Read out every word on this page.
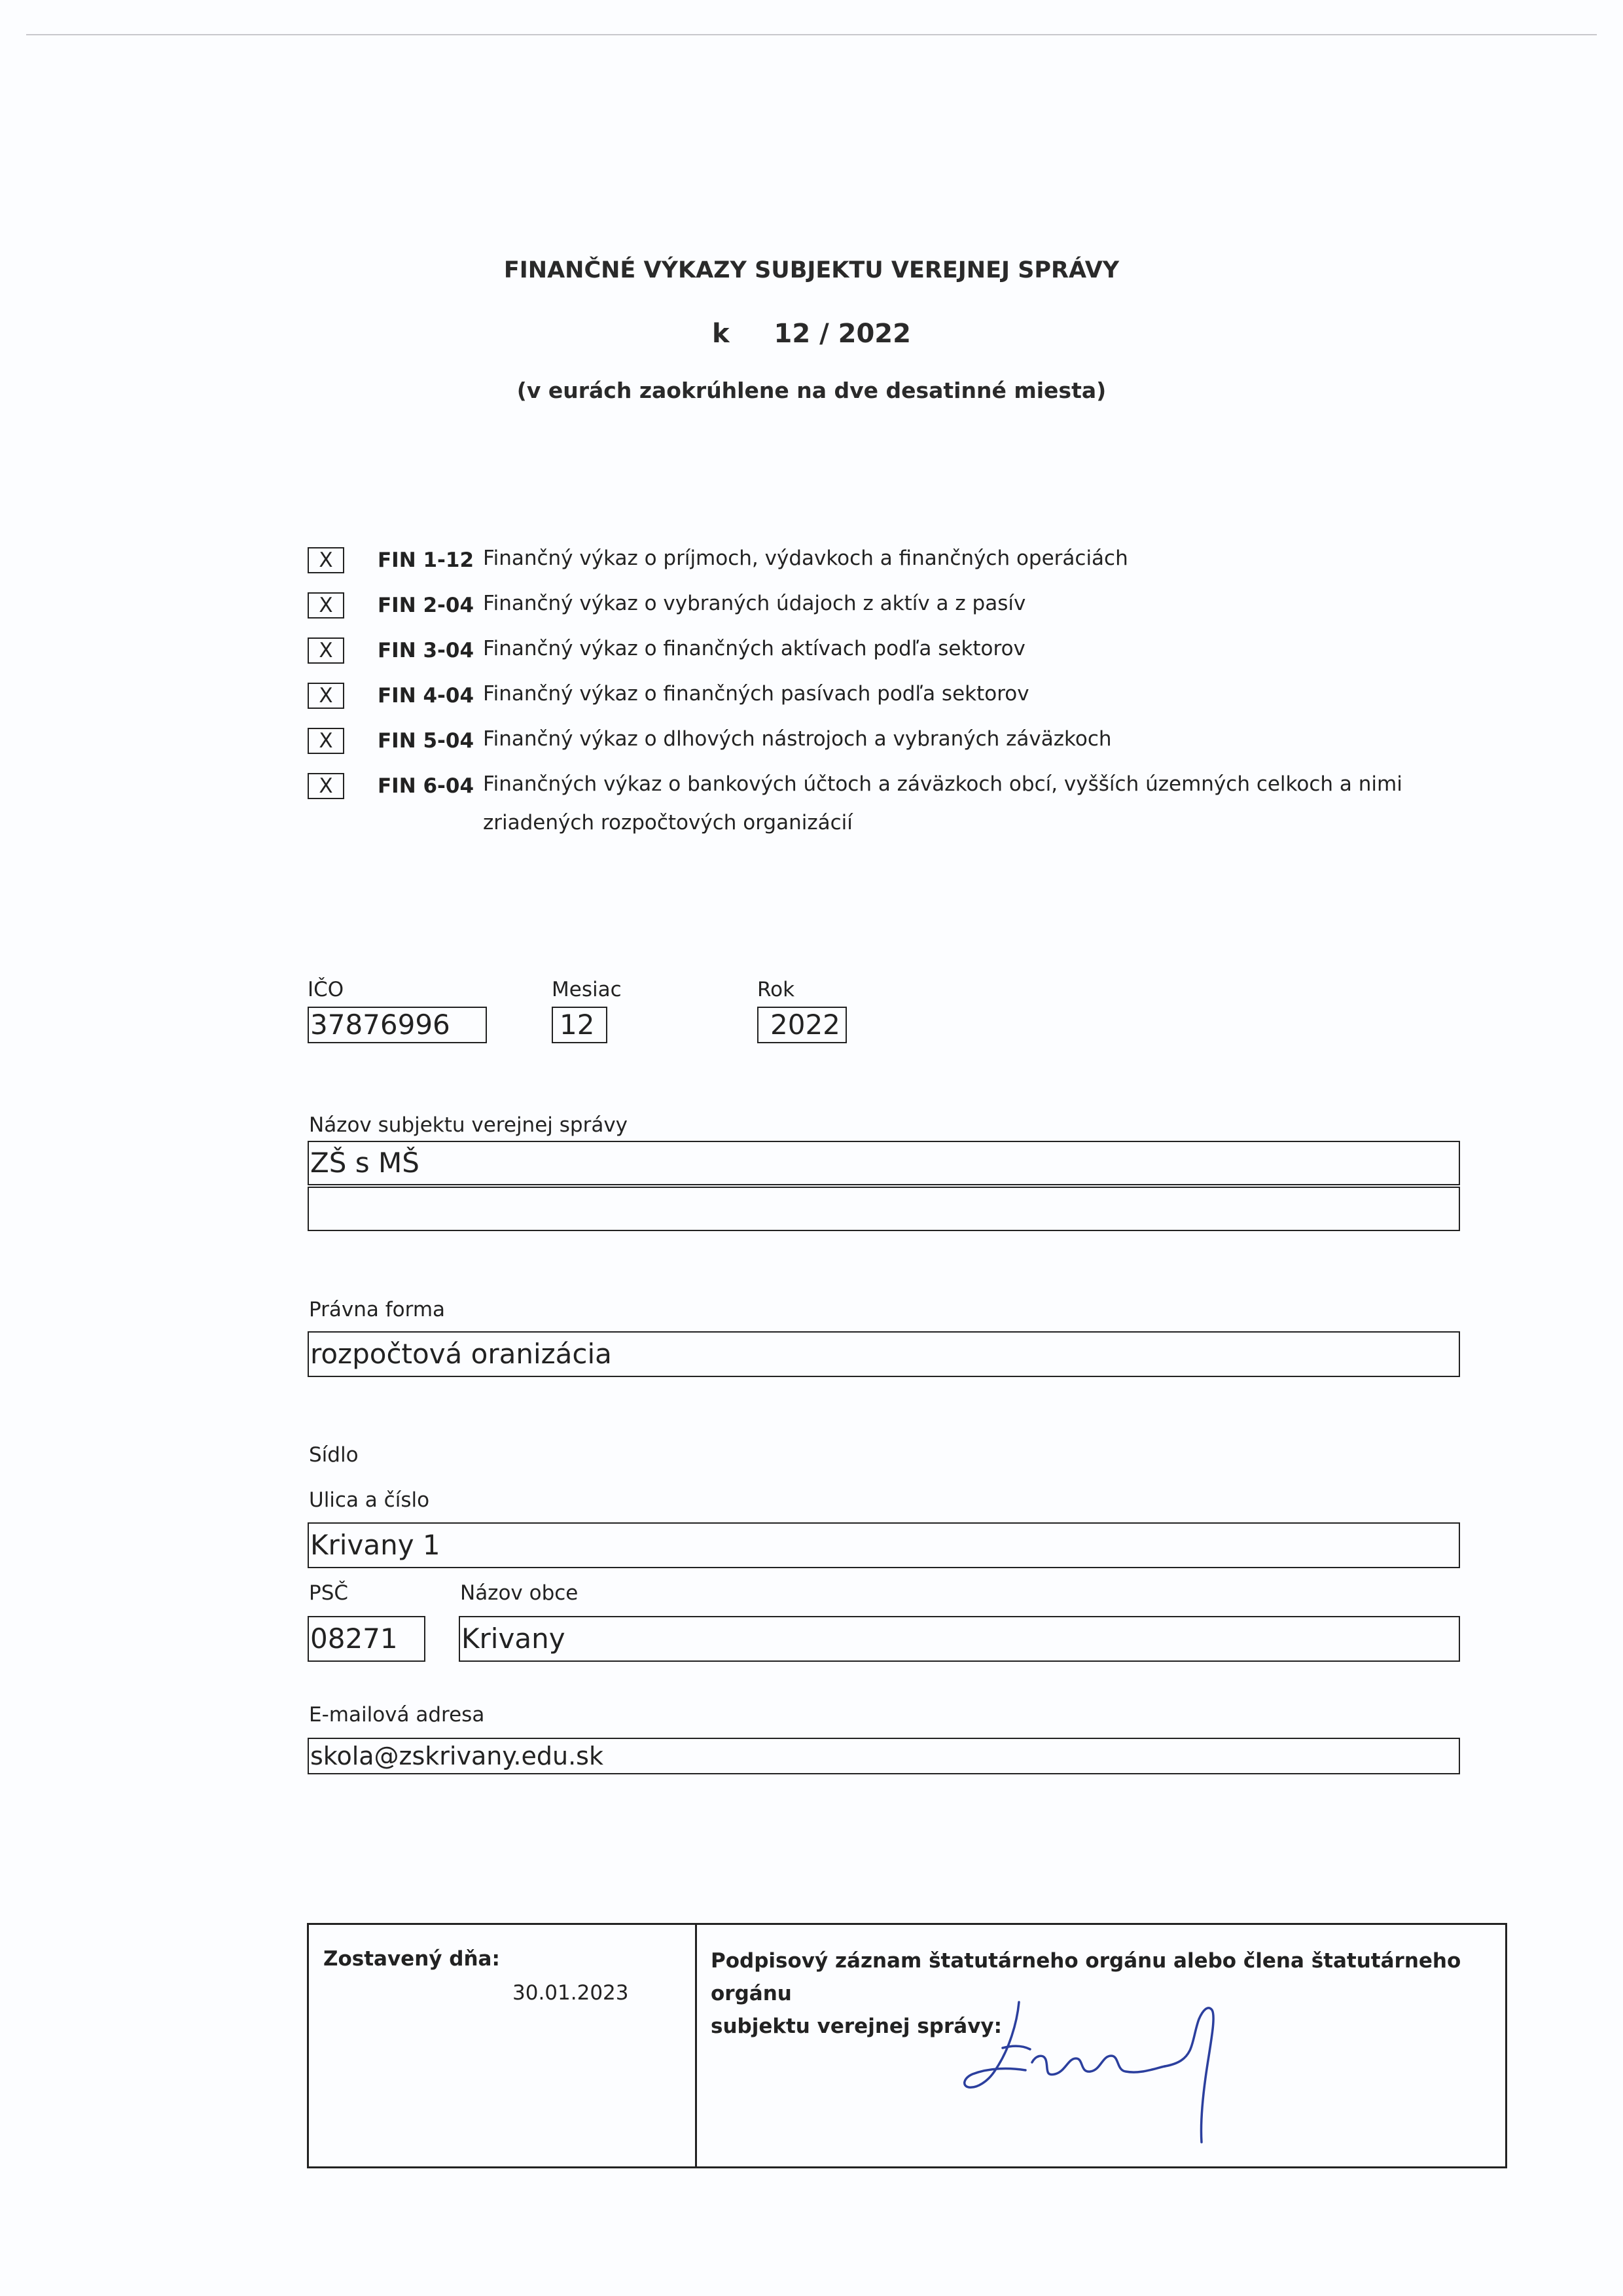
FINANČNÉ VÝKAZY SUBJEKTU VEREJNEJ SPRÁVY
k 12 / 2022
(v eurách zaokrúhlene na dve desatinné miesta)
X	FIN 1-12 Finančný výkaz o príjmoch, výdavkoch a finančných operáciách
X	FIN 2-04 Finančný výkaz o vybraných údajoch z aktív a z pasív
X	FIN 3-04 Finančný výkaz o finančných aktívach podľa sektorov
X	FIN 4-04 Finančný výkaz o finančných pasívach podľa sektorov
X	FIN 5-04 Finančný výkaz o dlhových nástrojoch a vybraných záväzkoch
X	FIN 6-04 Finančných výkaz o bankových účtoch a záväzkoch obcí, vyšších územných celkoch a nimi
zriadených rozpočtových organizácií
IČO
37876996
Mesiac
12
Rok
2022
Názov subjektu verejnej správy
ZŠ s MŠ
Právna forma
rozpočtová oranizácia
Sídlo
Ulica a číslo
Krivany 1
PSČ
08271
Názov obce
Krivany
E-mailová adresa
skola@zskrivany.edu.sk
Zostavený dňa:
30.01.2023
Podpisový záznam štatutárneho orgánu alebo člena štatutárneho orgánu
subjektu verejnej správy:
